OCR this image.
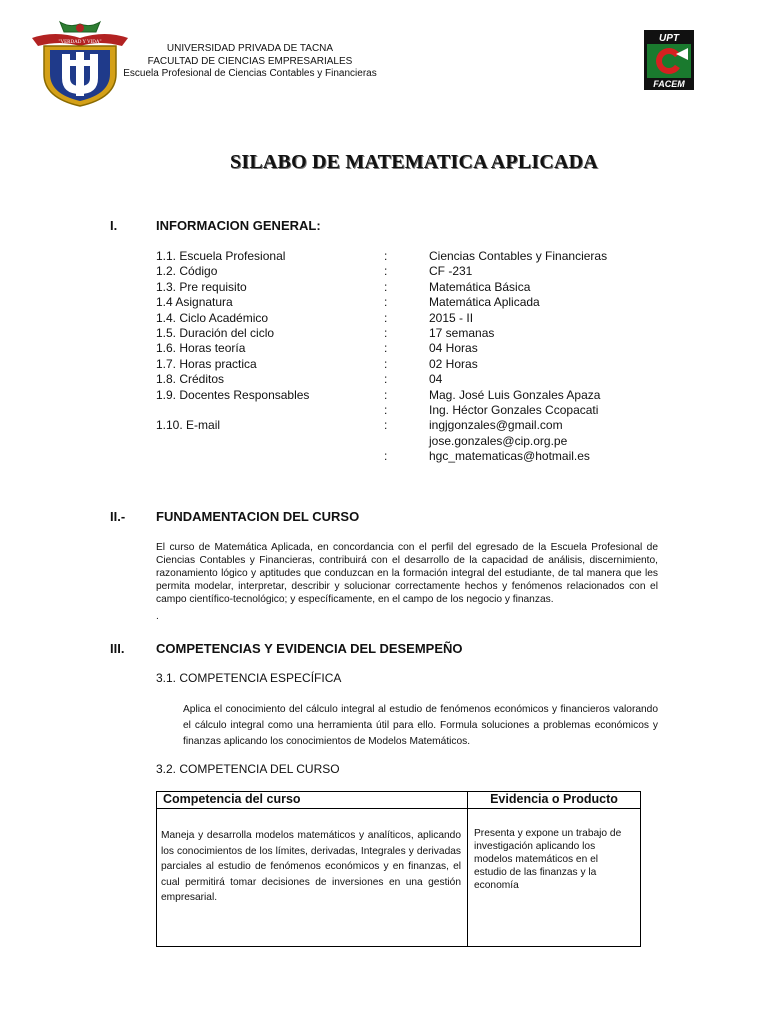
"VERDAD Y VIDA"
UNIVERSIDAD PRIVADA DE TACNA
FACULTAD DE CIENCIAS EMPRESARIALES
Escuela Profesional de Ciencias Contables y Financieras
UPT
FACEM
SILABO DE MATEMATICA APLICADA
I.	INFORMACION GENERAL:
1.1. Escuela Profesional	:	Ciencias Contables y Financieras
1.2. Código	:	CF -231
1.3. Pre requisito	:	Matemática Básica
1.4 Asignatura	:	Matemática Aplicada
1.4. Ciclo Académico	:	2015 - II
1.5. Duración del ciclo	:	17 semanas
1.6. Horas teoría	:	04 Horas
1.7. Horas practica	:	02 Horas
1.8. Créditos	:	04
1.9. Docentes Responsables	:	Mag. José Luis Gonzales Apaza
:	Ing. Héctor Gonzales Ccopacati
1.10. E-mail	:	ingjgonzales@gmail.com
jose.gonzales@cip.org.pe
:	hgc_matematicas@hotmail.es
II.- FUNDAMENTACION DEL CURSO
El curso de Matemática Aplicada, en concordancia con el perfil del egresado de la Escuela Profesional de Ciencias Contables y Financieras, contribuirá con el desarrollo de la capacidad de análisis, discernimiento, razonamiento lógico y aptitudes que conduzcan en la formación integral del estudiante, de tal manera que les permita modelar, interpretar, describir y solucionar correctamente hechos y fenómenos relacionados con el campo científico-tecnológico; y específicamente, en el campo de los negocio y finanzas.
.
III. COMPETENCIAS Y EVIDENCIA DEL DESEMPEÑO
3.1. COMPETENCIA ESPECÍFICA
Aplica el conocimiento del cálculo integral al estudio de fenómenos económicos y financieros valorando el cálculo integral como una herramienta útil para ello. Formula soluciones a problemas económicos y finanzas aplicando los conocimientos de Modelos Matemáticos.
3.2. COMPETENCIA DEL CURSO
Competencia del curso	Evidencia o Producto
Maneja y desarrolla modelos matemáticos y analíticos, aplicando los conocimientos de los límites, derivadas, Integrales y derivadas parciales al estudio de fenómenos económicos y en finanzas, el cual permitirá tomar decisiones de inversiones en una gestión empresarial.	Presenta y expone un trabajo de investigación aplicando los modelos matemáticos en el estudio de las finanzas y la economía
